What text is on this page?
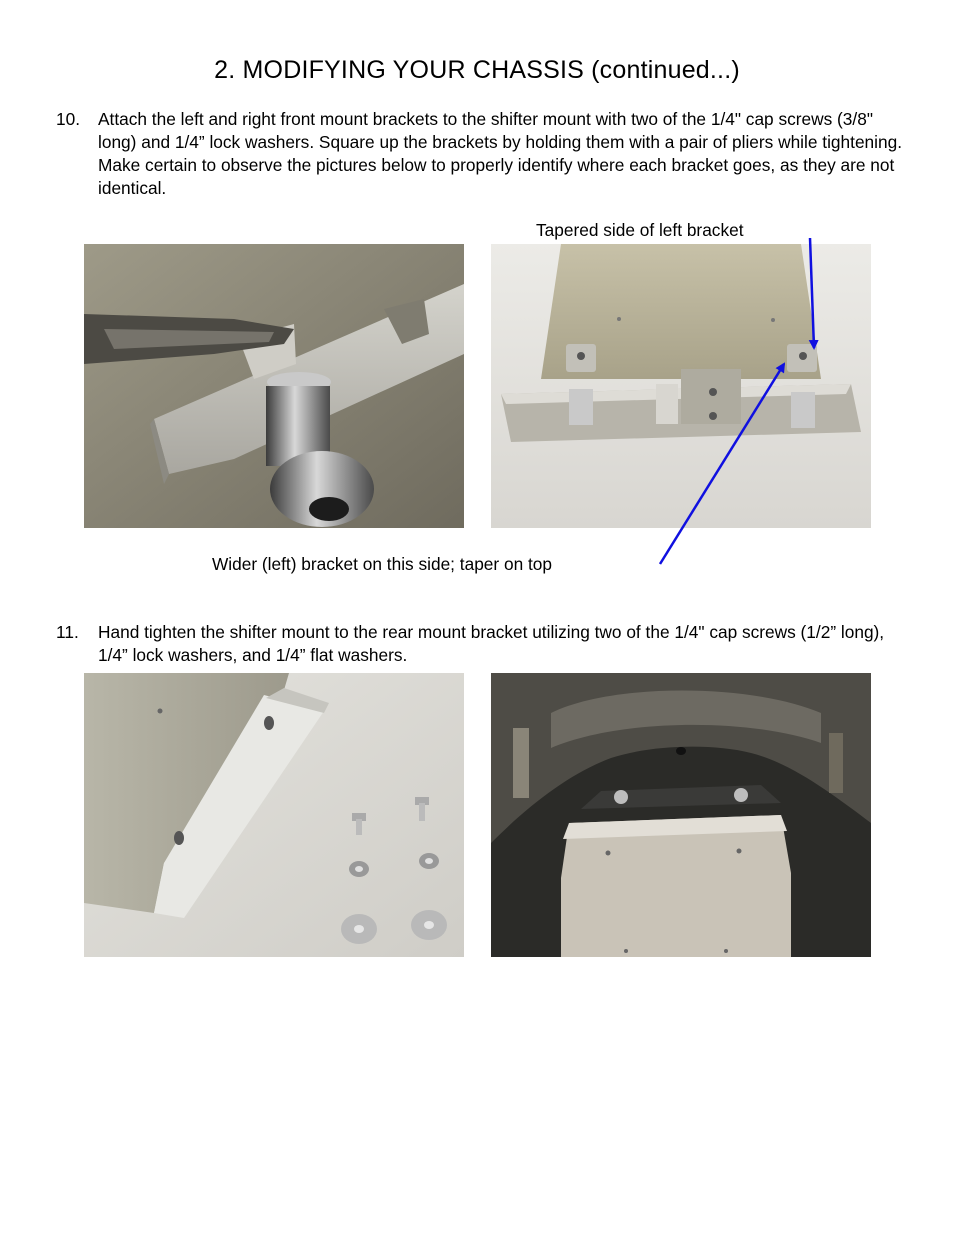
2. MODIFYING YOUR CHASSIS (continued...)
10. Attach the left and right front mount brackets to the shifter mount with two of the 1/4" cap screws (3/8" long) and 1/4” lock washers. Square up the brackets by holding them with a pair of pliers while tightening. Make certain to observe the pictures below to properly identify where each bracket goes, as they are not identical.
Tapered side of left bracket
Wider (left) bracket on this side; taper on top
11. Hand tighten the shifter mount to the rear mount bracket utilizing two of the 1/4" cap screws (1/2” long), 1/4” lock washers, and 1/4” flat washers.
